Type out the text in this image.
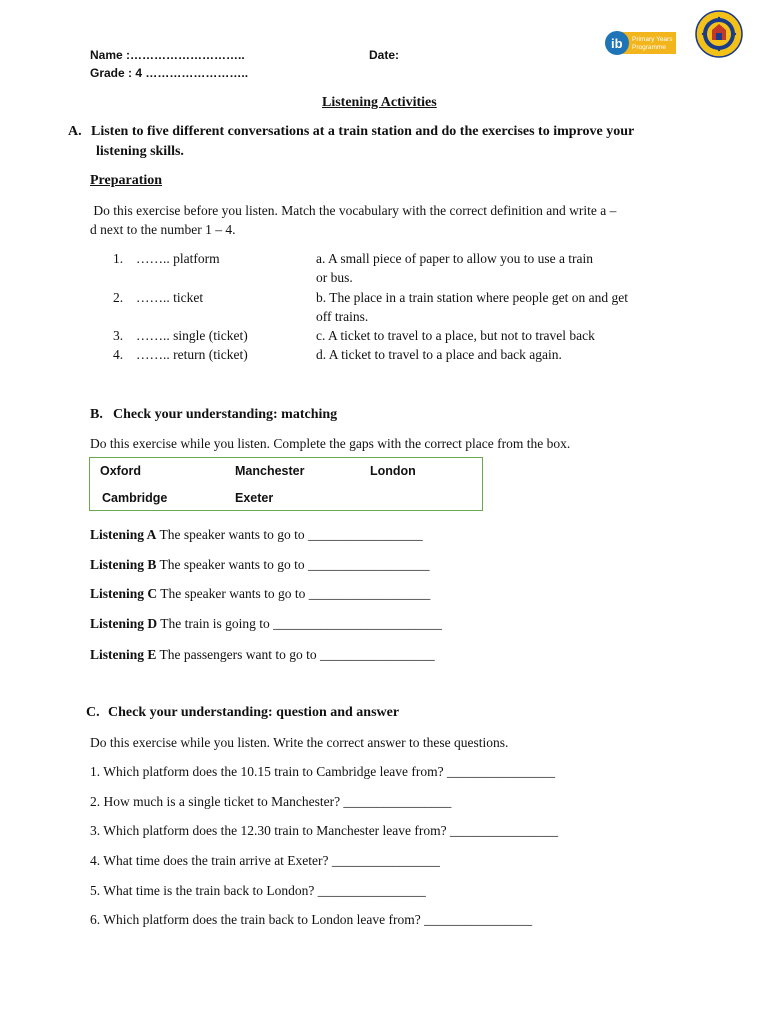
Name :………………………..	Date:
Grade : 4 ……………………..
ib Primary Years
Programme
Listening Activities
A. Listen to five different conversations at a train station and do the exercises to improve your
listening skills.
Preparation
Do this exercise before you listen. Match the vocabulary with the correct definition and write a –
d next to the number 1 – 4.
1. …….. platform	a. A small piece of paper to allow you to use a train
or bus.
2. …….. ticket	b. The place in a train station where people get on and get
off trains.
3. …….. single (ticket)	c. A ticket to travel to a place, but not to travel back
4. …….. return (ticket)	d. A ticket to travel to a place and back again.
B. Check your understanding: matching
Do this exercise while you listen. Complete the gaps with the correct place from the box.
Oxford	Manchester	London
Cambridge	Exeter
Listening A The speaker wants to go to _________________
Listening B The speaker wants to go to __________________
Listening C The speaker wants to go to __________________
Listening D The train is going to _________________________
Listening E The passengers want to go to _________________
C. Check your understanding: question and answer
Do this exercise while you listen. Write the correct answer to these questions.
1. Which platform does the 10.15 train to Cambridge leave from? ________________
2. How much is a single ticket to Manchester? ________________
3. Which platform does the 12.30 train to Manchester leave from? ________________
4. What time does the train arrive at Exeter? ________________
5. What time is the train back to London? ________________
6. Which platform does the train back to London leave from? ________________
